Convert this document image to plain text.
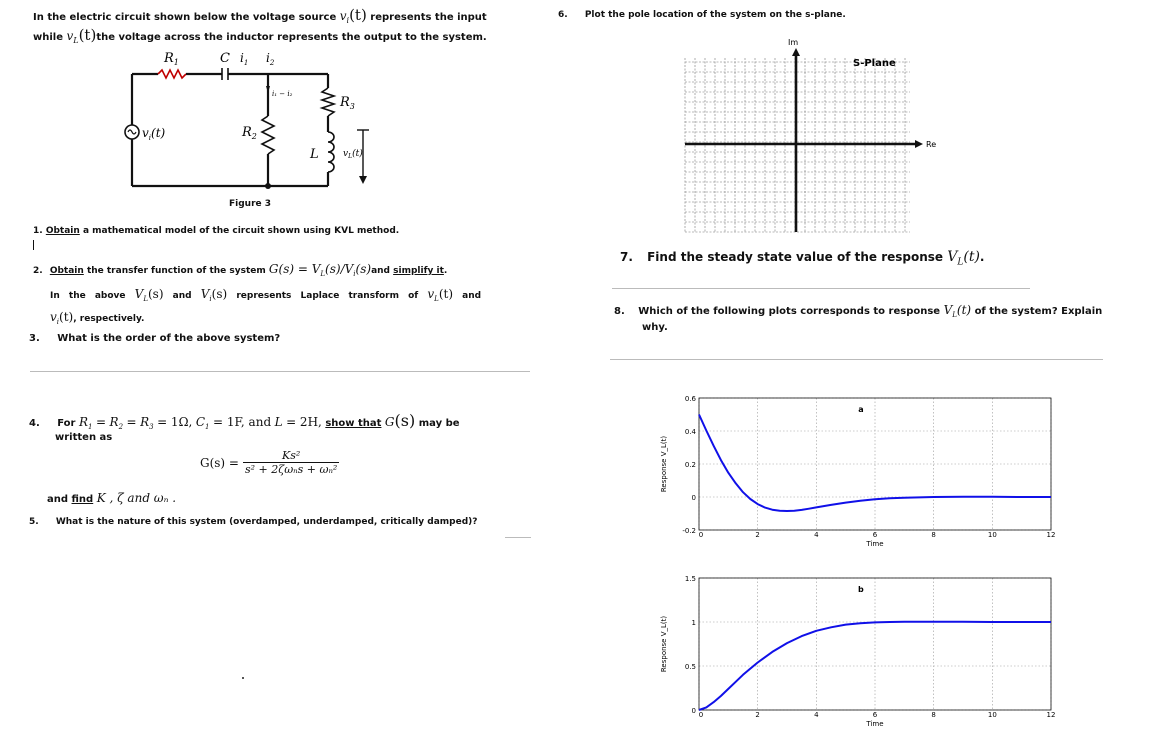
In the electric circuit shown below the voltage source $v_i(t)$ represents the input
while $v_L(t)the$ voltage across the inductor represents the output to the system.
$R_1$	C $i_1$ $i_2$
i₁ − i₂
$R_2$
$R_3$
L
$v_i(t)$
$v_L(t)$
Figure 3
1. Obtain a mathematical model of the circuit shown using KVL method.
2. Obtain the transfer function of the system $G(s) = V_L(s)/V_i(s)and$ simplify it.
In the above $V_L(s)$ and $V_i(s)$ represents Laplace transform of $v_L(t)$ and
$v_i(t)$, respectively.
3. What is the order of the above system?
4. For $R_1 = R_2 = R_3 = 1\Omega$, $C_1 = 1F$, and L = 2H, show that G(s) may be
written as
G(s) =	Ks²
s² + 2ζωₙs + ωₙ²
and find K , ζ and ωₙ .
5. What is the nature of this system (overdamped, underdamped, critically damped)?
6. Plot the pole location of the system on the s-plane.
Im
Re
S-Plane
7. Find the steady state value of the response $V_L(t)$.
8. Which of the following plots corresponds to response $V_L(t)$ of the system? Explain
why.
0	2	4	6	8	10	12
-0.2
0
0.2
0.4
0.6
Time
Response V_L(t)
a
0	2	4	6	8	10	12
0
0.5
1
1.5
Time
Response V_L(t)
b
